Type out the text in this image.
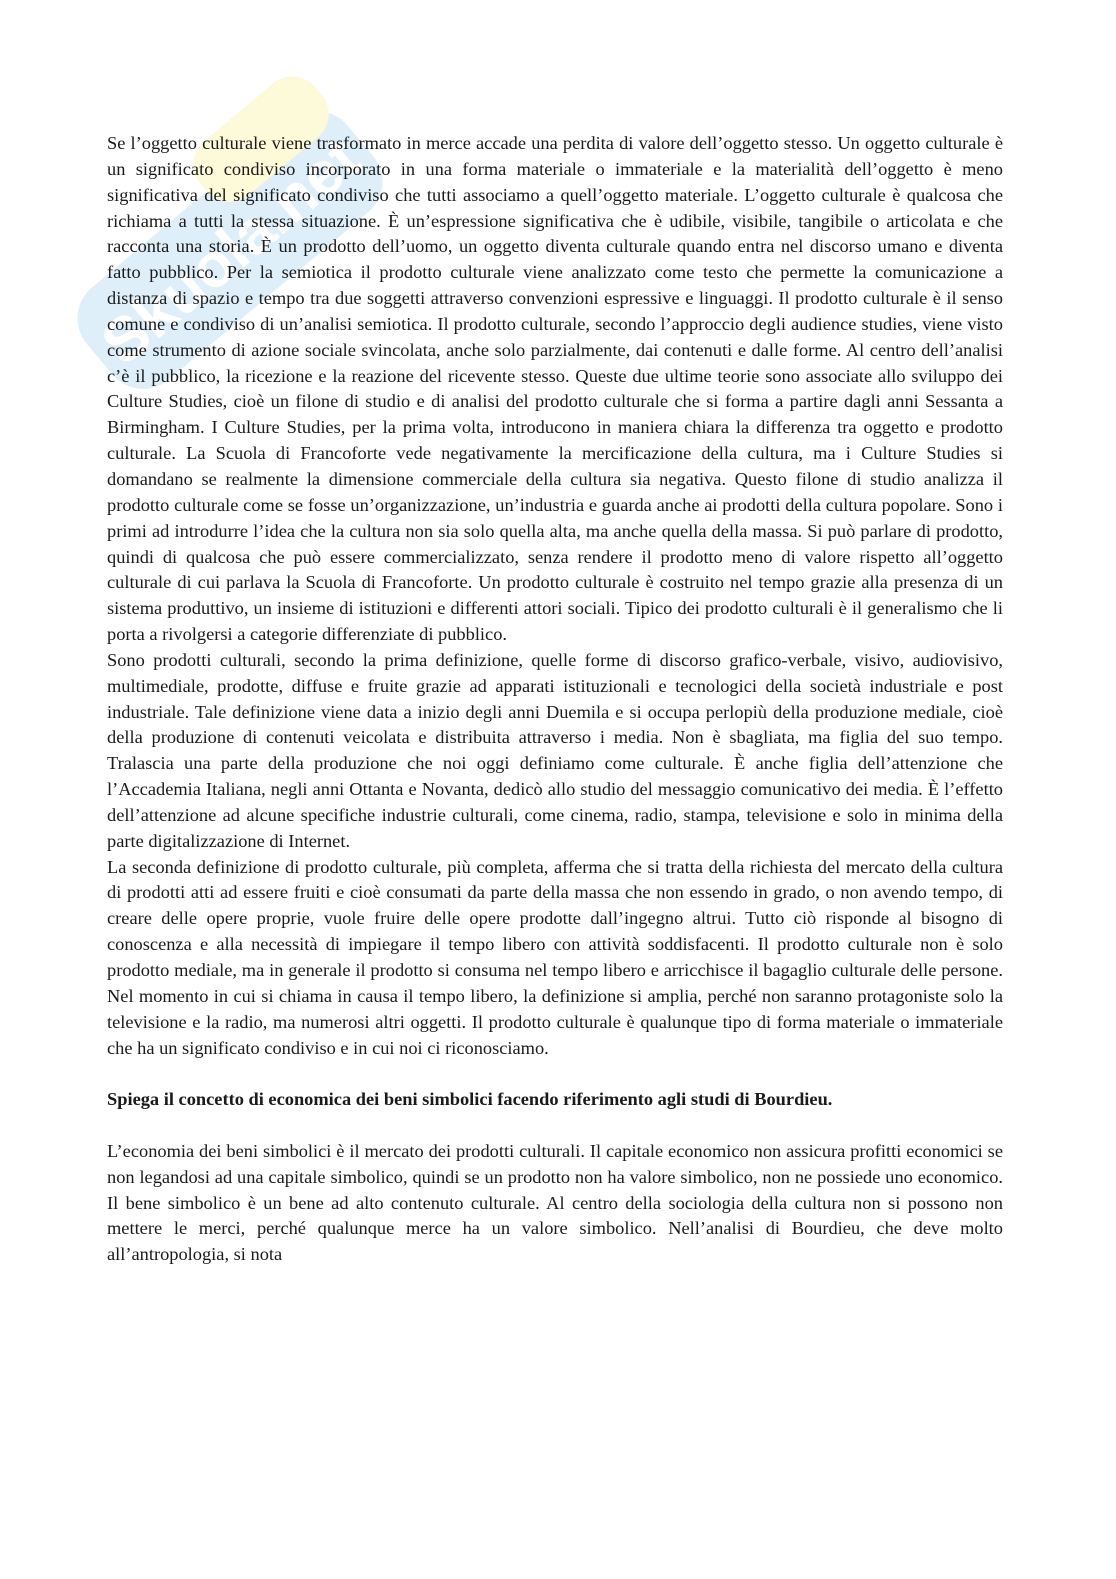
Skuola.net

Se l’oggetto culturale viene trasformato in merce accade una perdita di valore dell’oggetto stesso. Un oggetto culturale è un significato condiviso incorporato in una forma materiale o immateriale e la materialità dell’oggetto è meno significativa del significato condiviso che tutti associamo a quell’oggetto materiale. L’oggetto culturale è qualcosa che richiama a tutti la stessa situazione. È un’espressione significativa che è udibile, visibile, tangibile o articolata e che racconta una storia. È un prodotto dell’uomo, un oggetto diventa culturale quando entra nel discorso umano e diventa fatto pubblico. Per la semiotica il prodotto culturale viene analizzato come testo che permette la comunicazione a distanza di spazio e tempo tra due soggetti attraverso convenzioni espressive e linguaggi. Il prodotto culturale è il senso comune e condiviso di un’analisi semiotica. Il prodotto culturale, secondo l’approccio degli audience studies, viene visto come strumento di azione sociale svincolata, anche solo parzialmente, dai contenuti e dalle forme. Al centro dell’analisi c’è il pubblico, la ricezione e la reazione del ricevente stesso. Queste due ultime teorie sono associate allo sviluppo dei Culture Studies, cioè un filone di studio e di analisi del prodotto culturale che si forma a partire dagli anni Sessanta a Birmingham. I Culture Studies, per la prima volta, introducono in maniera chiara la differenza tra oggetto e prodotto culturale. La Scuola di Francoforte vede negativamente la mercificazione della cultura, ma i Culture Studies si domandano se realmente la dimensione commerciale della cultura sia negativa. Questo filone di studio analizza il prodotto culturale come se fosse un’organizzazione, un’industria e guarda anche ai prodotti della cultura popolare. Sono i primi ad introdurre l’idea che la cultura non sia solo quella alta, ma anche quella della massa. Si può parlare di prodotto, quindi di qualcosa che può essere commercializzato, senza rendere il prodotto meno di valore rispetto all’oggetto culturale di cui parlava la Scuola di Francoforte. Un prodotto culturale è costruito nel tempo grazie alla presenza di un sistema produttivo, un insieme di istituzioni e differenti attori sociali. Tipico dei prodotto culturali è il generalismo che li porta a rivolgersi a categorie differenziate di pubblico.

Sono prodotti culturali, secondo la prima definizione, quelle forme di discorso grafico-verbale, visivo, audiovisivo, multimediale, prodotte, diffuse e fruite grazie ad apparati istituzionali e tecnologici della società industriale e post industriale. Tale definizione viene data a inizio degli anni Duemila e si occupa perlopiù della produzione mediale, cioè della produzione di contenuti veicolata e distribuita attraverso i media. Non è sbagliata, ma figlia del suo tempo. Tralascia una parte della produzione che noi oggi definiamo come culturale. È anche figlia dell’attenzione che l’Accademia Italiana, negli anni Ottanta e Novanta, dedicò allo studio del messaggio comunicativo dei media. È l’effetto dell’attenzione ad alcune specifiche industrie culturali, come cinema, radio, stampa, televisione e solo in minima della parte digitalizzazione di Internet.

La seconda definizione di prodotto culturale, più completa, afferma che si tratta della richiesta del mercato della cultura di prodotti atti ad essere fruiti e cioè consumati da parte della massa che non essendo in grado, o non avendo tempo, di creare delle opere proprie, vuole fruire delle opere prodotte dall’ingegno altrui. Tutto ciò risponde al bisogno di conoscenza e alla necessità di impiegare il tempo libero con attività soddisfacenti. Il prodotto culturale non è solo prodotto mediale, ma in generale il prodotto si consuma nel tempo libero e arricchisce il bagaglio culturale delle persone. Nel momento in cui si chiama in causa il tempo libero, la definizione si amplia, perché non saranno protagoniste solo la televisione e la radio, ma numerosi altri oggetti. Il prodotto culturale è qualunque tipo di forma materiale o immateriale che ha un significato condiviso e in cui noi ci riconosciamo.

Spiega il concetto di economica dei beni simbolici facendo riferimento agli studi di Bourdieu.

L’economia dei beni simbolici è il mercato dei prodotti culturali. Il capitale economico non assicura profitti economici se non legandosi ad una capitale simbolico, quindi se un prodotto non ha valore simbolico, non ne possiede uno economico. Il bene simbolico è un bene ad alto contenuto culturale. Al centro della sociologia della cultura non si possono non mettere le merci, perché qualunque merce ha un valore simbolico. Nell’analisi di Bourdieu, che deve molto all’antropologia, si nota
